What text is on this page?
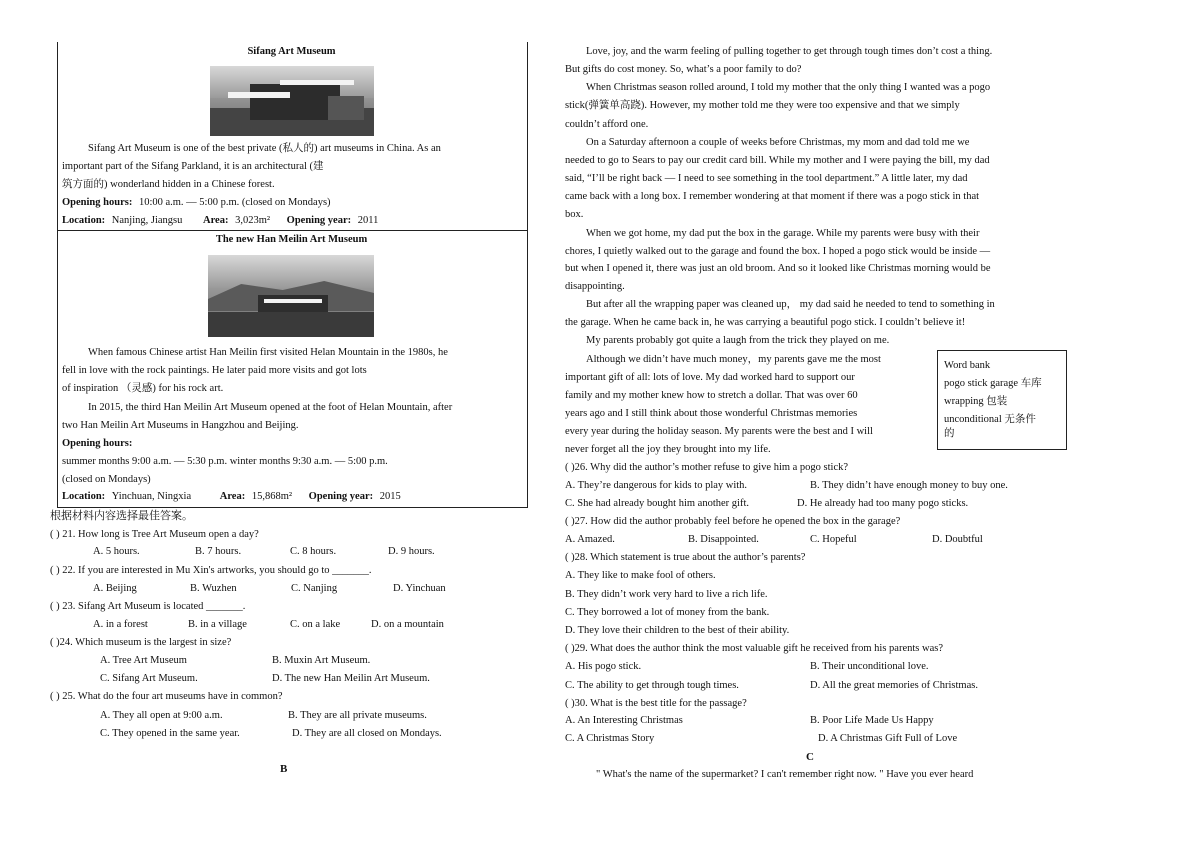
Sifang Art Museum
Sifang Art Museum is one of the best private (私人的) art museums in China. As an
important part of the Sifang Parkland, it is an architectural (建
筑方面的) wonderland hidden in a Chinese forest.
Opening hours: 10:00 a.m. — 5:00 p.m. (closed on Mondays)
Location: Nanjing, Jiangsu Area: 3,023m² Opening year: 2011
The new Han Meilin Art Museum
When famous Chinese artist Han Meilin first visited Helan Mountain in the 1980s, he
fell in love with the rock paintings. He later paid more visits and got lots
of inspiration （灵感) for his rock art.
In 2015, the third Han Meilin Art Museum opened at the foot of Helan Mountain, after
two Han Meilin Art Museums in Hangzhou and Beijing.
Opening hours:
summer months 9:00 a.m. — 5:30 p.m. winter months 9:30 a.m. — 5:00 p.m.
(closed on Mondays)
Location: Yinchuan, Ningxia	Area: 15,868m² Opening year: 2015
根据材料内容选择最佳答案。
( ) 21. How long is Tree Art Museum open a day?
A. 5 hours.	B. 7 hours.	C. 8 hours.	D. 9 hours.
( ) 22. If you are interested in Mu Xin's artworks, you should go to _______.
A. Beijing	B. Wuzhen	C. Nanjing	D. Yinchuan
( ) 23. Sifang Art Museum is located _______.
A. in a forest	B. in a village	C. on a lake	D. on a mountain
( )24. Which museum is the largest in size?
A. Tree Art Museum	B. Muxin Art Museum.
C. Sifang Art Museum.	D. The new Han Meilin Art Museum.
( ) 25. What do the four art museums have in common?
A. They all open at 9:00 a.m.	B. They are all private museums.
C. They opened in the same year.	D. They are all closed on Mondays.
B
Love, joy, and the warm feeling of pulling together to get through tough times don’t cost a thing.
But gifts do cost money. So, what’s a poor family to do?
When Christmas season rolled around, I told my mother that the only thing I wanted was a pogo
stick(弹簧单高跷). However, my mother told me they were too expensive and that we simply
couldn’t afford one.
On a Saturday afternoon a couple of weeks before Christmas, my mom and dad told me we
needed to go to Sears to pay our credit card bill. While my mother and I were paying the bill, my dad
said, “I’ll be right back — I need to see something in the tool department.” A little later, my dad
came back with a long box. I remember wondering at that moment if there was a pogo stick in that
box.
When we got home, my dad put the box in the garage. While my parents were busy with their
chores, I quietly walked out to the garage and found the box. I hoped a pogo stick would be inside —
but when I opened it, there was just an old broom. And so it looked like Christmas morning would be
disappointing.
But after all the wrapping paper was cleaned up， my dad said he needed to tend to something in
the garage. When he came back in, he was carrying a beautiful pogo stick. I couldn’t believe it!
My parents probably got quite a laugh from the trick they played on me.
Although we didn’t have much money，my parents gave me the most
important gift of all: lots of love. My dad worked hard to support our
family and my mother knew how to stretch a dollar. That was over 60
years ago and I still think about those wonderful Christmas memories
every year during the holiday season. My parents were the best and I will
never forget all the joy they brought into my life.
Word bank
pogo stick garage 车库
wrapping 包装
unconditional 无条件
的
( )26. Why did the author’s mother refuse to give him a pogo stick?
A. They’re dangerous for kids to play with.	B. They didn’t have enough money to buy one.
C. She had already bought him another gift.	D. He already had too many pogo sticks.
( )27. How did the author probably feel before he opened the box in the garage?
A. Amazed.	B. Disappointed.	C. Hopeful	D. Doubtful
( )28. Which statement is true about the author’s parents?
A. They like to make fool of others.
B. They didn’t work very hard to live a rich life.
C. They borrowed a lot of money from the bank.
D. They love their children to the best of their ability.
( )29. What does the author think the most valuable gift he received from his parents was?
A. His pogo stick.	B. Their unconditional love.
C. The ability to get through tough times.	D. All the great memories of Christmas.
( )30. What is the best title for the passage?
A. An Interesting Christmas	B. Poor Life Made Us Happy
C. A Christmas Story	D. A Christmas Gift Full of Love
C
" What's the name of the supermarket? I can't remember right now. " Have you ever heard
